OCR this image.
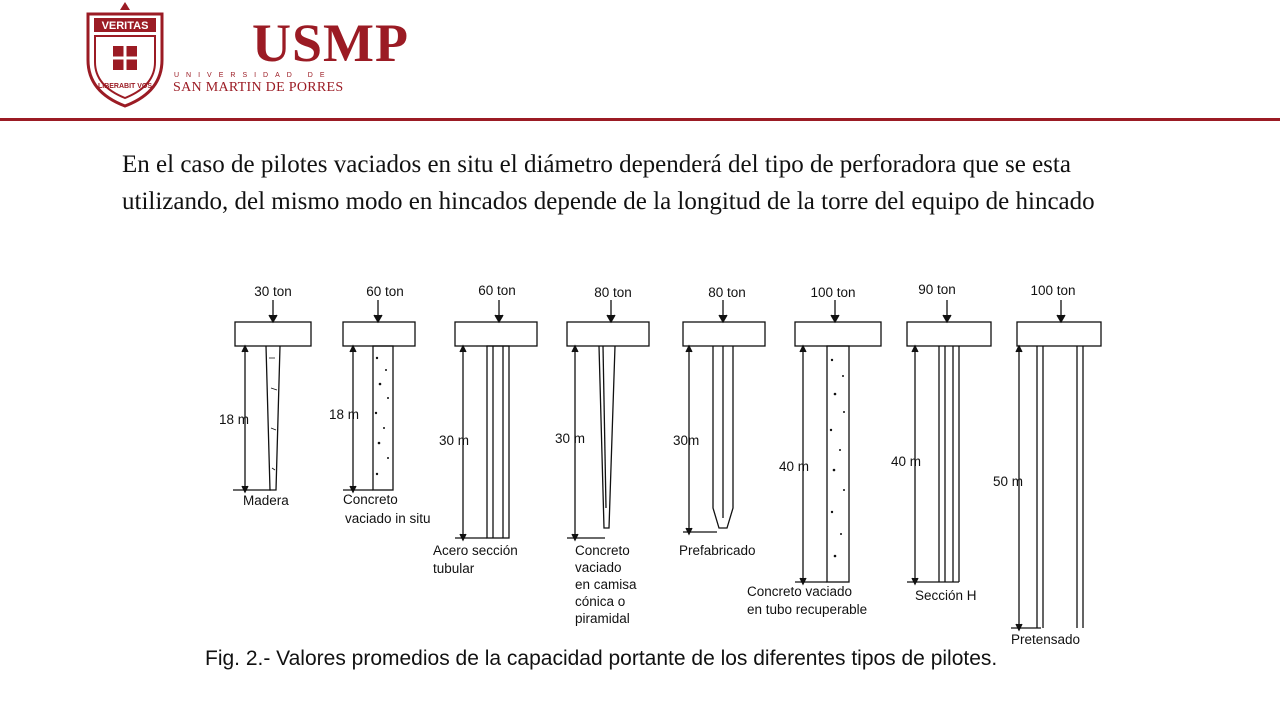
VERITAS
LIBERABIT VOS
USMP
UNIVERSIDAD DE
SAN MARTIN DE PORRES
En el caso de pilotes vaciados en situ el diámetro dependerá del tipo de perforadora que se esta utilizando, del mismo modo en hincados depende de la longitud de la torre del equipo de hincado
30 ton
18 m
Madera
60 ton
18 m
Concreto
vaciado in situ
60 ton
30 m
Acero sección
tubular
80 ton
30 m
Concreto
vaciado
en camisa
cónica o
piramidal
80 ton
30m
Prefabricado
100 ton
40 m
Concreto vaciado
en tubo recuperable
90 ton
40 m
Sección H
100 ton
50 m
Pretensado
Fig. 2.- Valores promedios de la capacidad portante de los diferentes tipos de pilotes.
